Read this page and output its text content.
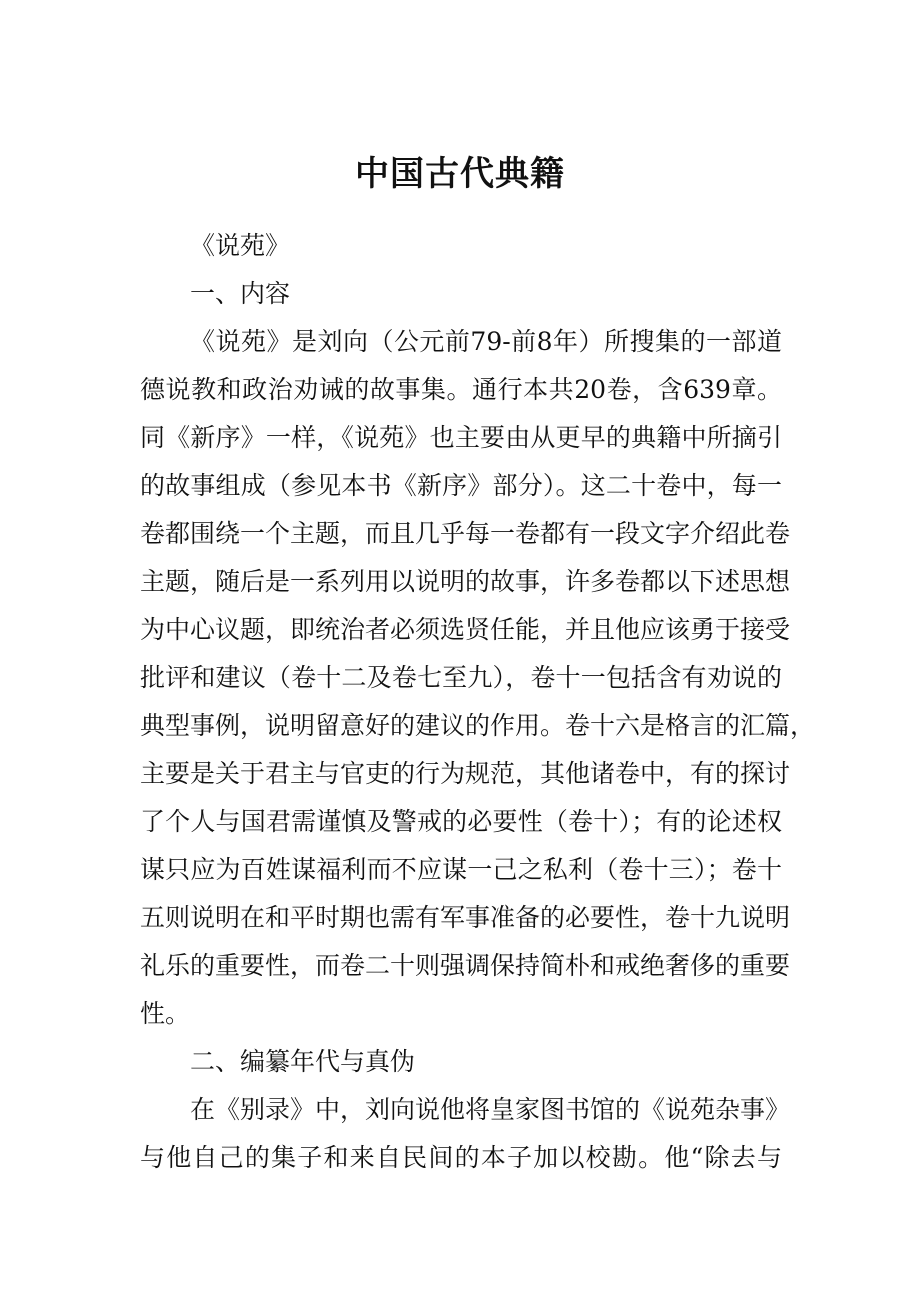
中国古代典籍
《说苑》
一、内容
《说苑》是刘向（公元前79-前8年）所搜集的一部道
德说教和政治劝诫的故事集。通行本共20卷，含639章。
同《新序》一样，《说苑》也主要由从更早的典籍中所摘引
的故事组成（参见本书《新序》部分）。这二十卷中，每一
卷都围绕一个主题，而且几乎每一卷都有一段文字介绍此卷
主题，随后是一系列用以说明的故事，许多卷都以下述思想
为中心议题，即统治者必须选贤任能，并且他应该勇于接受
批评和建议（卷十二及卷七至九），卷十一包括含有劝说的
典型事例，说明留意好的建议的作用。卷十六是格言的汇篇，
主要是关于君主与官吏的行为规范，其他诸卷中，有的探讨
了个人与国君需谨慎及警戒的必要性（卷十）；有的论述权
谋只应为百姓谋福利而不应谋一己之私利（卷十三）；卷十
五则说明在和平时期也需有军事准备的必要性，卷十九说明
礼乐的重要性，而卷二十则强调保持简朴和戒绝奢侈的重要
性。
二、编纂年代与真伪
在《别录》中，刘向说他将皇家图书馆的《说苑杂事》
与他自己的集子和来自民间的本子加以校勘。他“除去与
